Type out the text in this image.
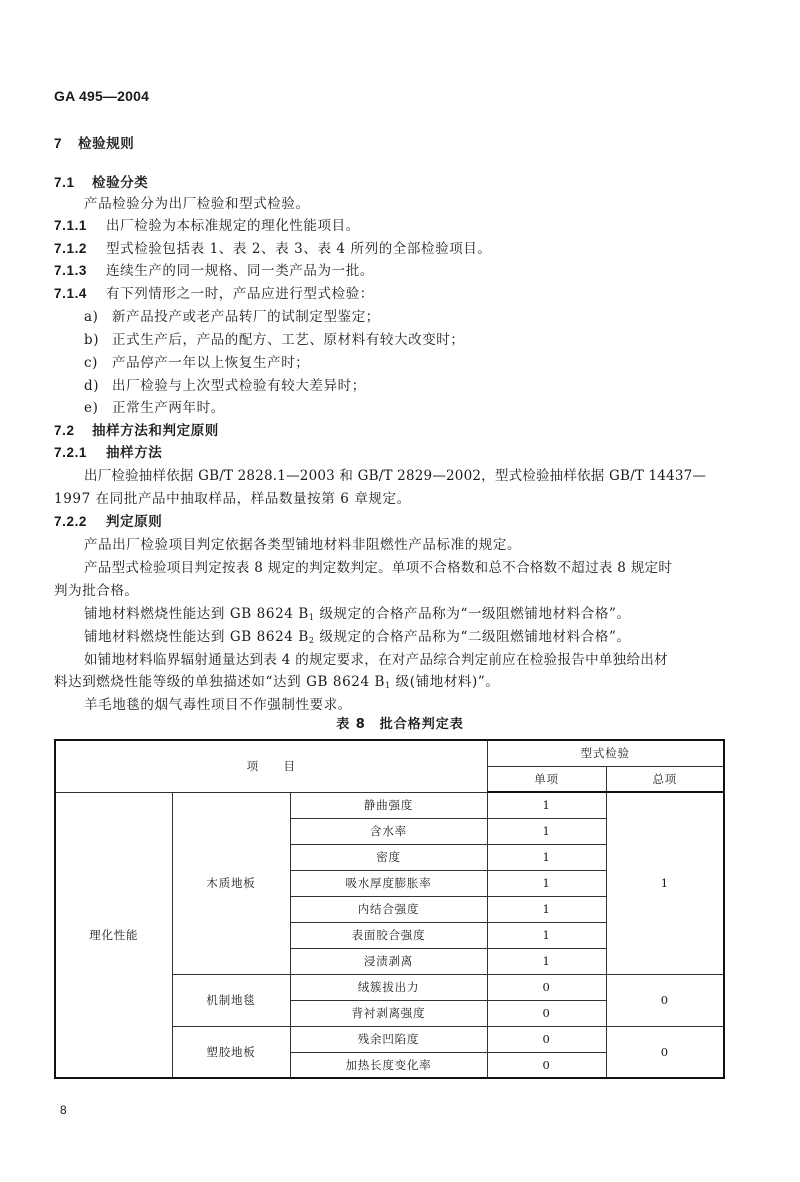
GA 495—2004
7 检验规则
7.1 检验分类
产品检验分为出厂检验和型式检验。
7.1.1 出厂检验为本标准规定的理化性能项目。
7.1.2 型式检验包括表 1、表 2、表 3、表 4 所列的全部检验项目。
7.1.3 连续生产的同一规格、同一类产品为一批。
7.1.4 有下列情形之一时，产品应进行型式检验：
a) 新产品投产或老产品转厂的试制定型鉴定；
b) 正式生产后，产品的配方、工艺、原材料有较大改变时；
c) 产品停产一年以上恢复生产时；
d) 出厂检验与上次型式检验有较大差异时；
e) 正常生产两年时。
7.2 抽样方法和判定原则
7.2.1 抽样方法
出厂检验抽样依据 GB/T 2828.1—2003 和 GB/T 2829—2002，型式检验抽样依据 GB/T 14437—
1997 在同批产品中抽取样品，样品数量按第 6 章规定。
7.2.2 判定原则
产品出厂检验项目判定依据各类型铺地材料非阻燃性产品标准的规定。
产品型式检验项目判定按表 8 规定的判定数判定。单项不合格数和总不合格数不超过表 8 规定时
判为批合格。
铺地材料燃烧性能达到 GB 8624 $B_1$ 级规定的合格产品称为“一级阻燃铺地材料合格”。
铺地材料燃烧性能达到 GB 8624 $B_2$ 级规定的合格产品称为“二级阻燃铺地材料合格”。
如铺地材料临界辐射通量达到表 4 的规定要求，在对产品综合判定前应在检验报告中单独给出材
料达到燃烧性能等级的单独描述如“达到 GB 8624 $B_1$ 级(铺地材料)”。
羊毛地毯的烟气毒性项目不作强制性要求。
表 8　批合格判定表
项　　目			型式检验	
			单项	总项
理化性能	木质地板	静曲强度	1	1
		含水率	1	
		密度	1	
		吸水厚度膨胀率	1	
		内结合强度	1	
		表面胶合强度	1	
		浸渍剥离	1	
	机制地毯	绒簇拔出力	0	0
		背衬剥离强度	0	
	塑胶地板	残余凹陷度	0	0
		加热长度变化率	0	
8
